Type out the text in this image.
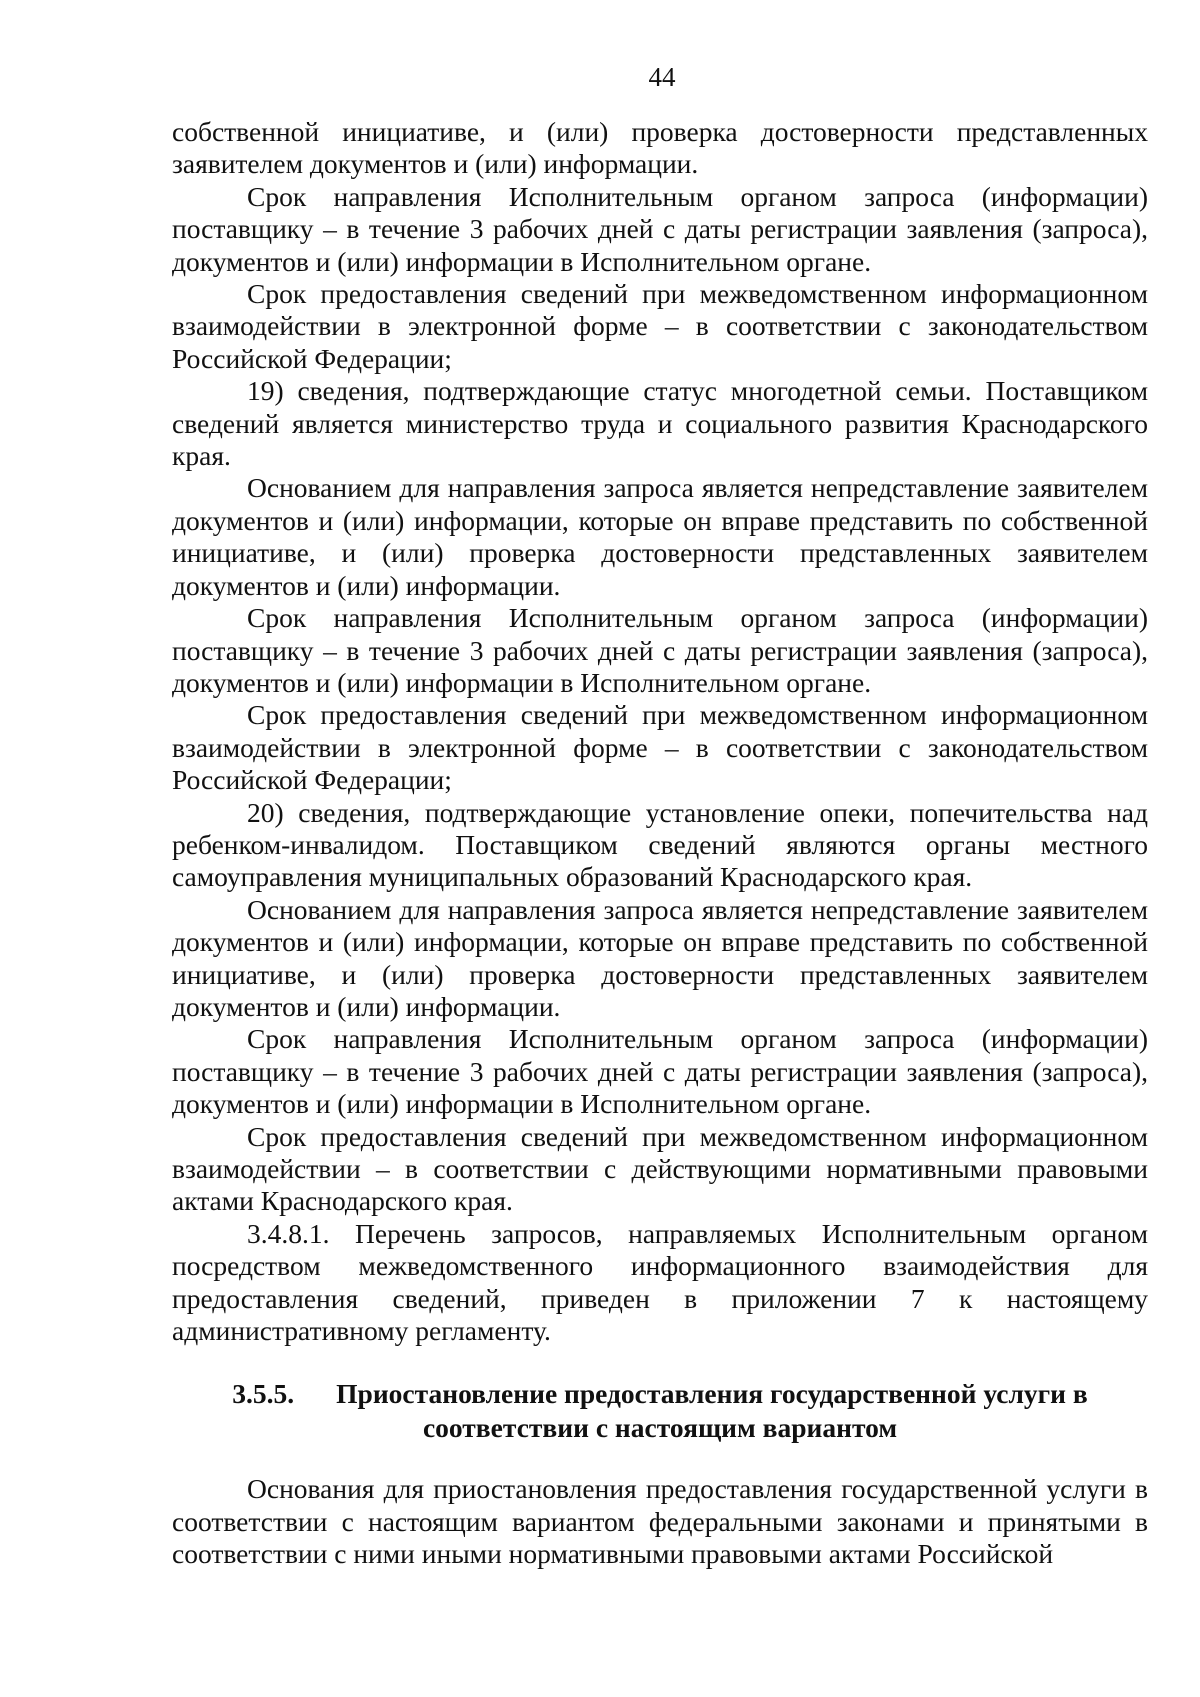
44

собственной инициативе, и (или) проверка достоверности представленных заявителем документов и (или) информации.

Срок направления Исполнительным органом запроса (информации) поставщику – в течение 3 рабочих дней с даты регистрации заявления (запроса), документов и (или) информации в Исполнительном органе.

Срок предоставления сведений при межведомственном информационном взаимодействии в электронной форме – в соответствии с законодательством Российской Федерации;

19) сведения, подтверждающие статус многодетной семьи. Поставщиком сведений является министерство труда и социального развития Краснодарского края.

Основанием для направления запроса является непредставление заявителем документов и (или) информации, которые он вправе представить по собственной инициативе, и (или) проверка достоверности представленных заявителем документов и (или) информации.

Срок направления Исполнительным органом запроса (информации) поставщику – в течение 3 рабочих дней с даты регистрации заявления (запроса), документов и (или) информации в Исполнительном органе.

Срок предоставления сведений при межведомственном информационном взаимодействии в электронной форме – в соответствии с законодательством Российской Федерации;

20) сведения, подтверждающие установление опеки, попечительства над ребенком-инвалидом. Поставщиком сведений являются органы местного самоуправления муниципальных образований Краснодарского края.

Основанием для направления запроса является непредставление заявителем документов и (или) информации, которые он вправе представить по собственной инициативе, и (или) проверка достоверности представленных заявителем документов и (или) информации.

Срок направления Исполнительным органом запроса (информации) поставщику – в течение 3 рабочих дней с даты регистрации заявления (запроса), документов и (или) информации в Исполнительном органе.

Срок предоставления сведений при межведомственном информационном взаимодействии – в соответствии с действующими нормативными правовыми актами Краснодарского края.

3.4.8.1. Перечень запросов, направляемых Исполнительным органом посредством межведомственного информационного взаимодействия для предоставления сведений, приведен в приложении 7 к настоящему административному регламенту.

3.5.5. Приостановление предоставления государственной услуги в
соответствии с настоящим вариантом

Основания для приостановления предоставления государственной услуги в соответствии с настоящим вариантом федеральными законами и принятыми в соответствии с ними иными нормативными правовыми актами Российской
